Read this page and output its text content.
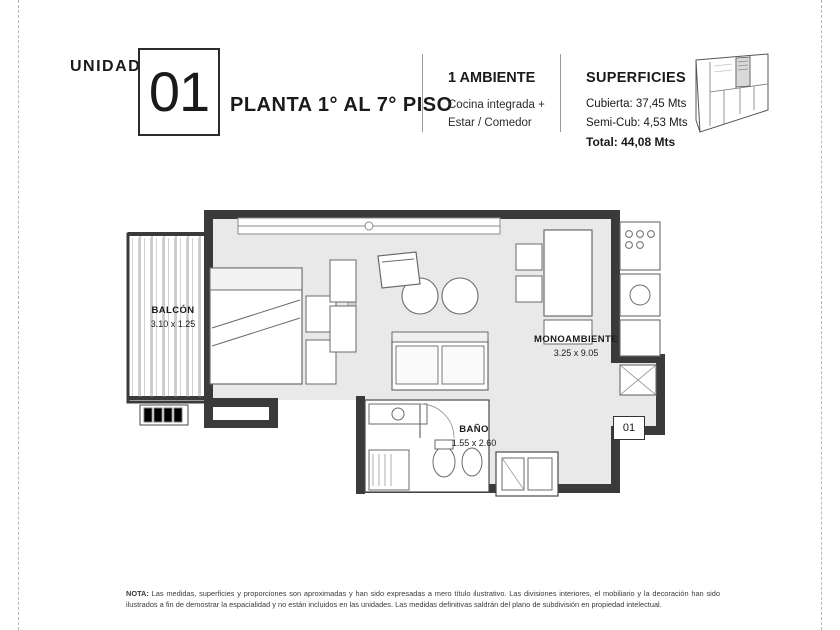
UNIDAD 01 PLANTA 1° AL 7° PISO
1 AMBIENTE
Cocina integrada +
Estar / Comedor
SUPERFICIES
Cubierta: 37,45 Mts
Semi-Cub: 4,53 Mts
Total: 44,08 Mts
BALCÓN
3.10 x 1.25
MONOAMBIENTE
3.25 x 9.05
BAÑO
1.55 x 2.60
01
NOTA: Las medidas, superficies y proporciones son aproximadas y han sido expresadas a mero título ilustrativo. Las divisiones interiores, el mobiliario y la decoración han sido ilustrados a fin de demostrar la espacialidad y no están incluidos en las unidades. Las medidas definitivas saldrán del plano de subdivisión en propiedad intelectual.
